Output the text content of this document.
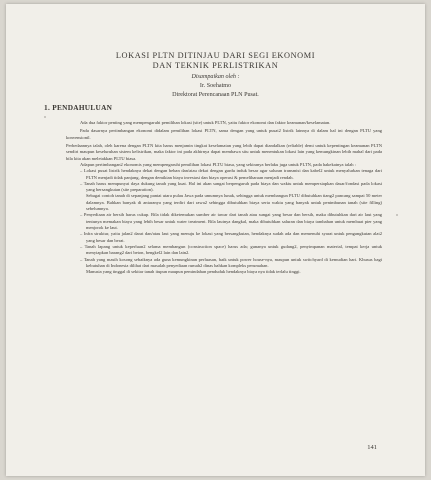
LOKASI PLTN DITINJAU DARI SEGI EKONOMI
DAN TEKNIK PERLISTRIKAN
Disampaikan oleh :
Ir. Soehatmo
Direktorat Perencanaan PLN Pusat.
1. PENDAHULUAN

Ada dua faktor penting yang mempengaruhi pemilihan lokasi (site) untuk PLTN, yaitu faktor ekonomi dan faktor keamanan/keselamatan.

Pada dasarnya pertimbangan ekonomi didalam pemilihan lokasi PLTN, sama dengan yang untuk pusat2 listrik lainnya di dalam hal ini dengan PLTU yang konvensionil.

Perbedaannya ialah, oleh karena dengan PLTN kita harus menjamin tingkat keselamatan yang lebih dapat diandalkan (reliable) demi untuk kepentingan keamanan PLTN sendiri maupun keseluruhan sistem kelistrikan, maka faktor ini pada akhirnya dapat membawa situ untuk menentukan lokasi lain yang kemungkinan lebih mahal dari pada bila kita akan meletakkan PLTU biasa.

Adapun pertimbangan2 ekonomis yang mempengaruhi pemilihan lokasi PLTU biasa, yang sekiranya berlaku juga untuk PLTN, pada hakekatnya ialah :

– Lokasi pusat listrik hendaknya dekat dengan beban dan/atau dekat dengan gardu induk besar agar saluran transmisi dan kabel2 untuk menyalurkan tenaga dari PLTN menjadi tidak panjang, dengan demikian biaya investasi dan biaya operasi & pemeliharaan menjadi rendah.

– Tanah harus mempunyai daya dukung tanah yang kuat. Hal ini akan sangat berpengaruh pada biaya dan waktu untuk mempersiapkan dasar/fondasi pada lokasi yang bersangkutan (site preparation).

Sebagai contoh tanah di sepanjang pantai utara pulau Jawa pada umumnya lunak, sehingga untuk membangun PLTU dibutuhkan tiang2 pancang sampai 50 meter dalamnya. Bahkan banyak di antaranya yang terdiri dari rawa2 sehingga dibutuhkan biaya serta waktu yang banyak untuk penimbunan tanah (site filling) sebelumnya.

– Penyediaan air bersih harus cukup. Bila tidak diketemukan sumber air tawar dari tanah atau sungai yang besar dan bersih, maka dibutuhkan dari air laut yang tentunya memakan biaya yang lebih besar untuk water treatment. Bila lautnya dangkal, maka dibutuhkan saluran dan biaya tambahan untuk membuat pier yang menjorok ke laut.

– Infra struktur, yaitu jalan2 darat dan/atau laut yang menuju ke lokasi yang bersangkutan, hendaknya sudah ada dan memenuhi syarat untuk pengangkutan alat2 yang besar dan berat.

– Tanah lapang untuk keperluan2 selama membangun (construction space) harus ada; gunanya untuk gudang2, penyimpanan material, tempat kerja untuk menyiapkan barang2 dari beton, bengkel2 lain dan lain2.

– Tanah yang masih kosong sebaiknya ada guna kemungkinan perluasan, baik untuk power house-nya, maupun untuk switchyard di kemudian hari. Khusus bagi kebutuhan di Indonesia dilihat dari masalah penyediaan rumah2 dinas bahkan kompleks perumahan.

Manusia yang tinggal di sekitar tanah itupun maupun pemindahan penduduk hendaknya biaya nya tidak terlalu tinggi.

141
